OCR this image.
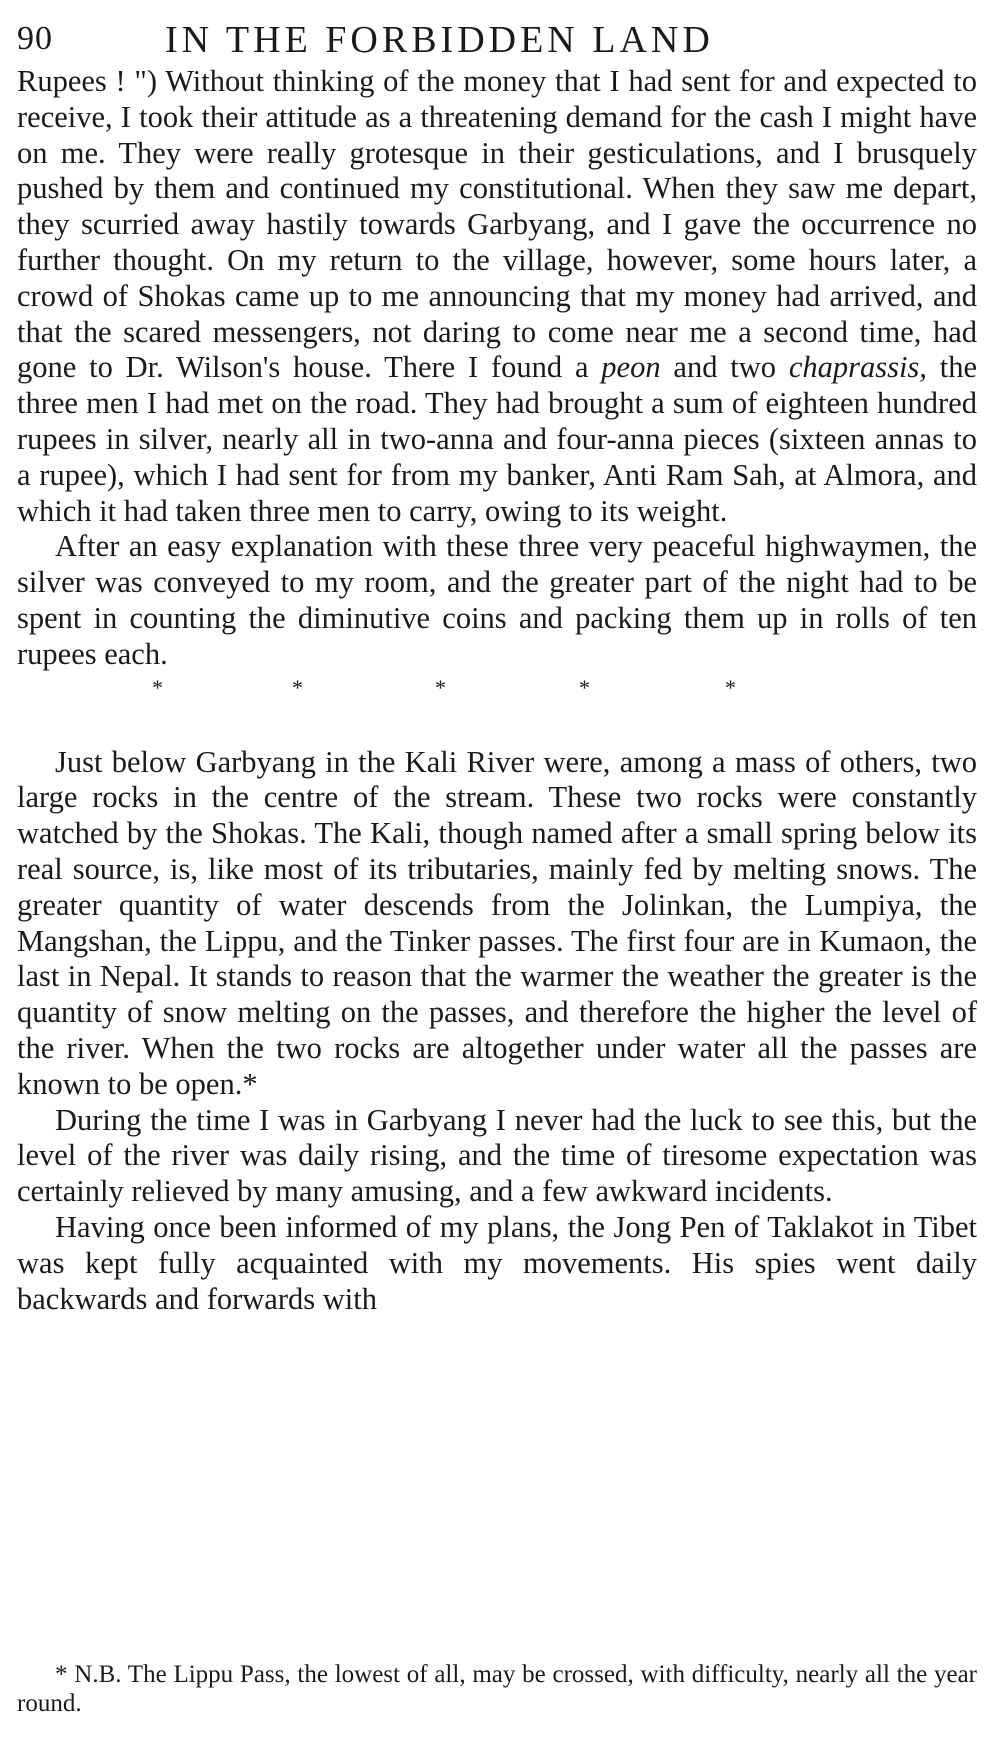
90	IN THE FORBIDDEN LAND

Rupees ! ") Without thinking of the money that I had sent for and expected to receive, I took their attitude as a threatening demand for the cash I might have on me. They were really grotesque in their gesticulations, and I brusquely pushed by them and continued my constitutional. When they saw me depart, they scurried away hastily towards Garbyang, and I gave the occurrence no further thought. On my return to the village, however, some hours later, a crowd of Shokas came up to me announcing that my money had arrived, and that the scared messengers, not daring to come near me a second time, had gone to Dr. Wilson's house. There I found a peon and two chaprassis, the three men I had met on the road. They had brought a sum of eighteen hundred rupees in silver, nearly all in two-anna and four-anna pieces (sixteen annas to a rupee), which I had sent for from my banker, Anti Ram Sah, at Almora, and which it had taken three men to carry, owing to its weight.

After an easy explanation with these three very peaceful highwaymen, the silver was conveyed to my room, and the greater part of the night had to be spent in counting the diminutive coins and packing them up in rolls of ten rupees each.

*	*	*	*	*

Just below Garbyang in the Kali River were, among a mass of others, two large rocks in the centre of the stream. These two rocks were constantly watched by the Shokas. The Kali, though named after a small spring below its real source, is, like most of its tributaries, mainly fed by melting snows. The greater quantity of water descends from the Jolinkan, the Lumpiya, the Mangshan, the Lippu, and the Tinker passes. The first four are in Kumaon, the last in Nepal. It stands to reason that the warmer the weather the greater is the quantity of snow melting on the passes, and therefore the higher the level of the river. When the two rocks are altogether under water all the passes are known to be open.*

During the time I was in Garbyang I never had the luck to see this, but the level of the river was daily rising, and the time of tiresome expectation was certainly relieved by many amusing, and a few awkward incidents.

Having once been informed of my plans, the Jong Pen of Taklakot in Tibet was kept fully acquainted with my movements. His spies went daily backwards and forwards with

* N.B. The Lippu Pass, the lowest of all, may be crossed, with difficulty, nearly all the year round.
